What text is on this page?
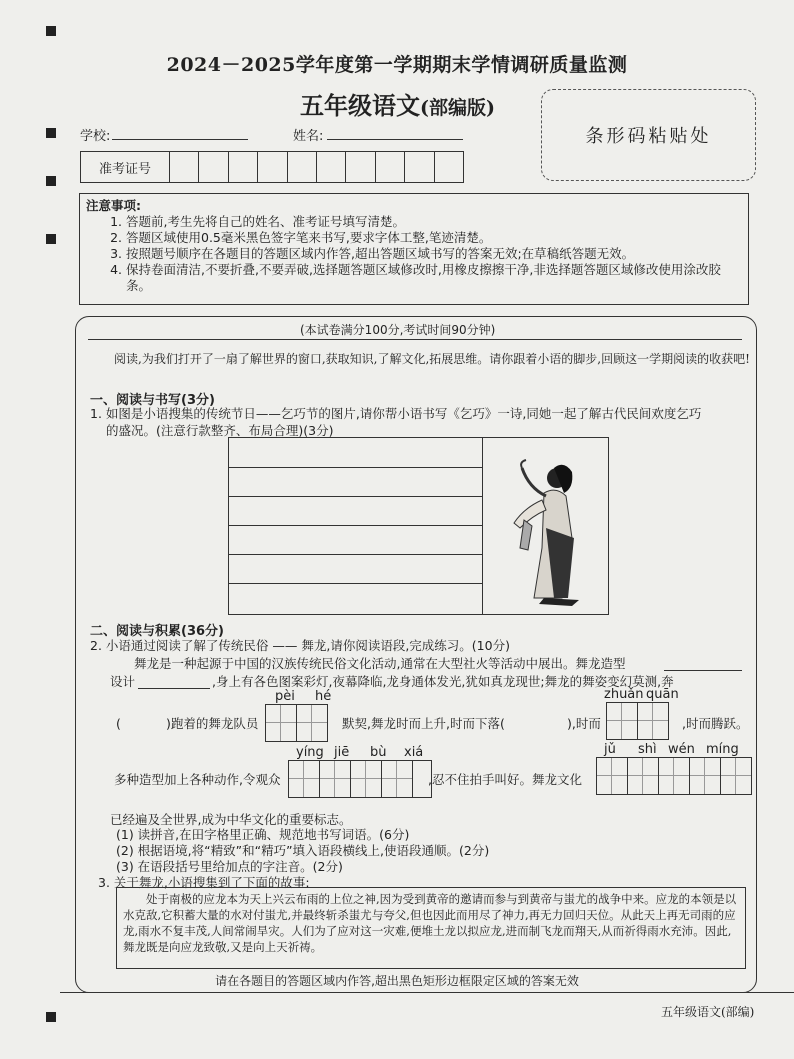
2024－2025学年度第一学期期末学情调研质量监测
五年级语文(部编版)
条形码粘贴处
学校:	姓名:
准考证号
注意事项:
1. 答题前,考生先将自己的姓名、准考证号填写清楚。
2. 答题区域使用0.5毫米黑色签字笔来书写,要求字体工整,笔迹清楚。
3. 按照题号顺序在各题目的答题区域内作答,超出答题区域书写的答案无效;在草稿纸答题无效。
4. 保持卷面清洁,不要折叠,不要弄破,选择题答题区域修改时,用橡皮擦擦干净,非选择题答题区域修改使用涂改胶条。
(本试卷满分100分,考试时间90分钟)
阅读,为我们打开了一扇了解世界的窗口,获取知识,了解文化,拓展思维。请你跟着小语的脚步,回顾这一学期阅读的收获吧!
一、阅读与书写(3分)
1. 如图是小语搜集的传统节日——乞巧节的图片,请你帮小语书写《乞巧》一诗,同她一起了解古代民间欢度乞巧
的盛况。(注意行款整齐、布局合理)(3分)
二、阅读与积累(36分)
2. 小语通过阅读了解了传统民俗 —— 舞龙,请你阅读语段,完成练习。(10分)
舞龙是一种起源于中国的汉族传统民俗文化活动,通常在大型社火等活动中展出。舞龙造型
设计	,身上有各色图案彩灯,夜幕降临,龙身通体发光,犹如真龙现世;舞龙的舞姿变幻莫测,奔
pèi hé	zhuǎn quān
(	)跑着的舞龙队员	默契,舞龙时而上升,时而下落(	),时而	,时而腾跃。
yíng jiē bù xiá	jǔ shì wén míng
多种造型加上各种动作,令观众	,忍不住拍手叫好。舞龙文化
已经遍及全世界,成为中华文化的重要标志。
(1) 读拼音,在田字格里正确、规范地书写词语。(6分)
(2) 根据语境,将“精致”和“精巧”填入语段横线上,使语段通顺。(2分)
(3) 在语段括号里给加点的字注音。(2分)
3. 关于舞龙,小语搜集到了下面的故事:
处于南极的应龙本为天上兴云布雨的上位之神,因为受到黄帝的邀请而参与到黄帝与蚩尤的战争中来。应龙的本领是以水克敌,它积蓄大量的水对付蚩尤,并最终斩杀蚩尤与夸父,但也因此而用尽了神力,再无力回归天位。从此天上再无司雨的应龙,雨水不复丰茂,人间常闹旱灾。人们为了应对这一灾难,便堆土龙以拟应龙,进而制飞龙而翔天,从而祈得雨水充沛。因此,舞龙既是向应龙致敬,又是向上天祈祷。
请在各题目的答题区域内作答,超出黑色矩形边框限定区域的答案无效
五年级语文(部编)
